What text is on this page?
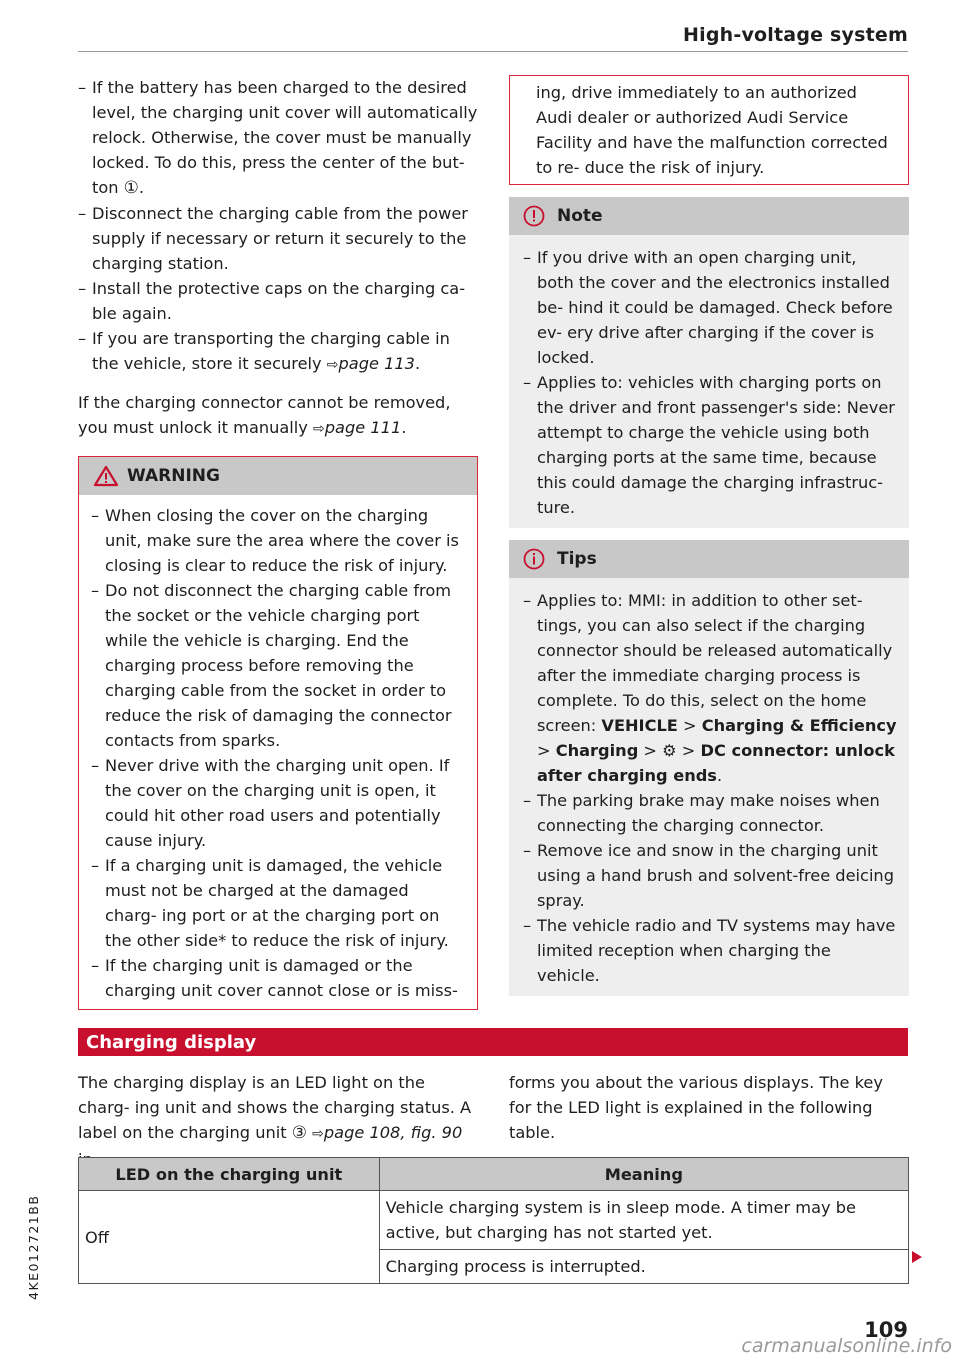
High-voltage system
– If the battery has been charged to the desired level, the charging unit cover will automatically relock. Otherwise, the cover must be manually locked. To do this, press the center of the but- ton ①.
– Disconnect the charging cable from the power supply if necessary or return it securely to the charging station.
– Install the protective caps on the charging ca- ble again.
– If you are transporting the charging cable in the vehicle, store it securely ⇨page 113.

If the charging connector cannot be removed, you must unlock it manually ⇨page 111.

WARNING
– When closing the cover on the charging unit, make sure the area where the cover is closing is clear to reduce the risk of injury.
– Do not disconnect the charging cable from the socket or the vehicle charging port while the vehicle is charging. End the charging process before removing the charging cable from the socket in order to reduce the risk of damaging the connector contacts from sparks.
– Never drive with the charging unit open. If the cover on the charging unit is open, it could hit other road users and potentially cause injury.
– If a charging unit is damaged, the vehicle must not be charged at the damaged charg- ing port or at the charging port on the other side* to reduce the risk of injury.
– If the charging unit is damaged or the charging unit cover cannot close or is miss-
ing, drive immediately to an authorized Audi dealer or authorized Audi Service Facility and have the malfunction corrected to re- duce the risk of injury.
Note
– If you drive with an open charging unit, both the cover and the electronics installed be- hind it could be damaged. Check before ev- ery drive after charging if the cover is locked.
– Applies to: vehicles with charging ports on the driver and front passenger's side: Never attempt to charge the vehicle using both charging ports at the same time, because this could damage the charging infrastruc- ture.
Tips
– Applies to: MMI: in addition to other set- tings, you can also select if the charging connector should be released automatically after the immediate charging process is complete. To do this, select on the home screen: VEHICLE > Charging & Efficiency > Charging > ⚙ > DC connector: unlock after charging ends.
– The parking brake may make noises when connecting the charging connector.
– Remove ice and snow in the charging unit using a hand brush and solvent-free deicing spray.
– The vehicle radio and TV systems may have limited reception when charging the vehicle.
Charging display

The charging display is an LED light on the charg- ing unit and shows the charging status. A label on the charging unit ③ ⇨page 108, fig. 90

forms you about the various displays. The key for the LED light is explained in the following table.

LED on the charging unit	Meaning
Off	Vehicle charging system is in sleep mode. A timer may be active, but charging has not started yet.
	Charging process is interrupted.
109
4KE012721BB
carmanualsonline.info
